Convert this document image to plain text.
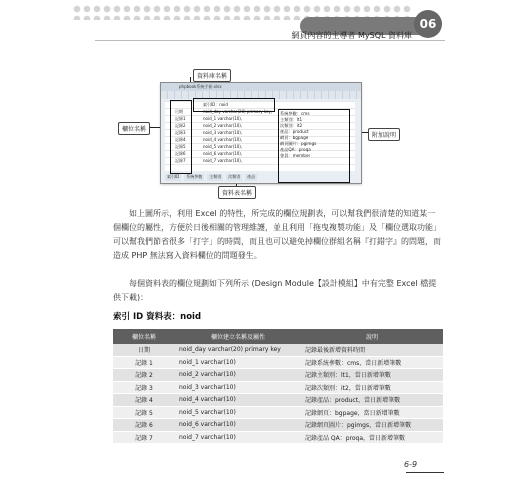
網頁內容的主導者 MySQL 資料庫
06
資料庫名稱
欄位名稱
附加說明
資料表名稱
phpbook系統手冊.xlsx
索引ID：noid
日期	noid_day varchar(20) primary key,
記錄1	noid_1 varchar(10),
記錄2	noid_2 varchar(10),
記錄3	noid_3 varchar(10),
記錄4	noid_4 varchar(10),
記錄5	noid_5 varchar(10),
記錄6	noid_6 varchar(10),
記錄7	noid_7 varchar(10),
索引ID	系統參數	主類別	次類別	產品
系統參數：cms
主類別：lt1
次類別：it2
產品：product
網頁：bgpage
網頁圖片：pgimgs
產品QA：proqa
會員：member
如上圖所示，利用 Excel 的特性，所完成的欄位規劃表，可以幫我們很清楚的知道某一個欄位的屬性，方便於日後相關的管理維護，並且利用「拖曳複製功能」及「欄位選取功能」可以幫我們節省很多「打字」的時間，而且也可以避免掉欄位群組名稱『打錯字』的問題，而造成 PHP 無法寫入資料欄位的問題發生。
每個資料表的欄位規劃如下列所示 (Design Module【設計模組】中有完整 Excel 檔提供下載)：
索引 ID 資料表：noid
欄位名稱	欄位建立名稱及屬性	說明
日期	noid_day varchar(20) primary key	記錄最後新增資料時間
記錄 1	noid_1 varchar(10)	記錄系統參數：cms，當日新增筆數
記錄 2	noid_2 varchar(10)	記錄主類別：lt1，當日新增筆數
記錄 3	noid_3 varchar(10)	記錄次類別：it2，當日新增筆數
記錄 4	noid_4 varchar(10)	記錄產品：product，當日新增筆數
記錄 5	noid_5 varchar(10)	記錄網頁：bgpage，當日新增筆數
記錄 6	noid_6 varchar(10)	記錄網頁圖片：pgimgs，當日新增筆數
記錄 7	noid_7 varchar(10)	記錄產品 QA：proqa，當日新增筆數
6-9
